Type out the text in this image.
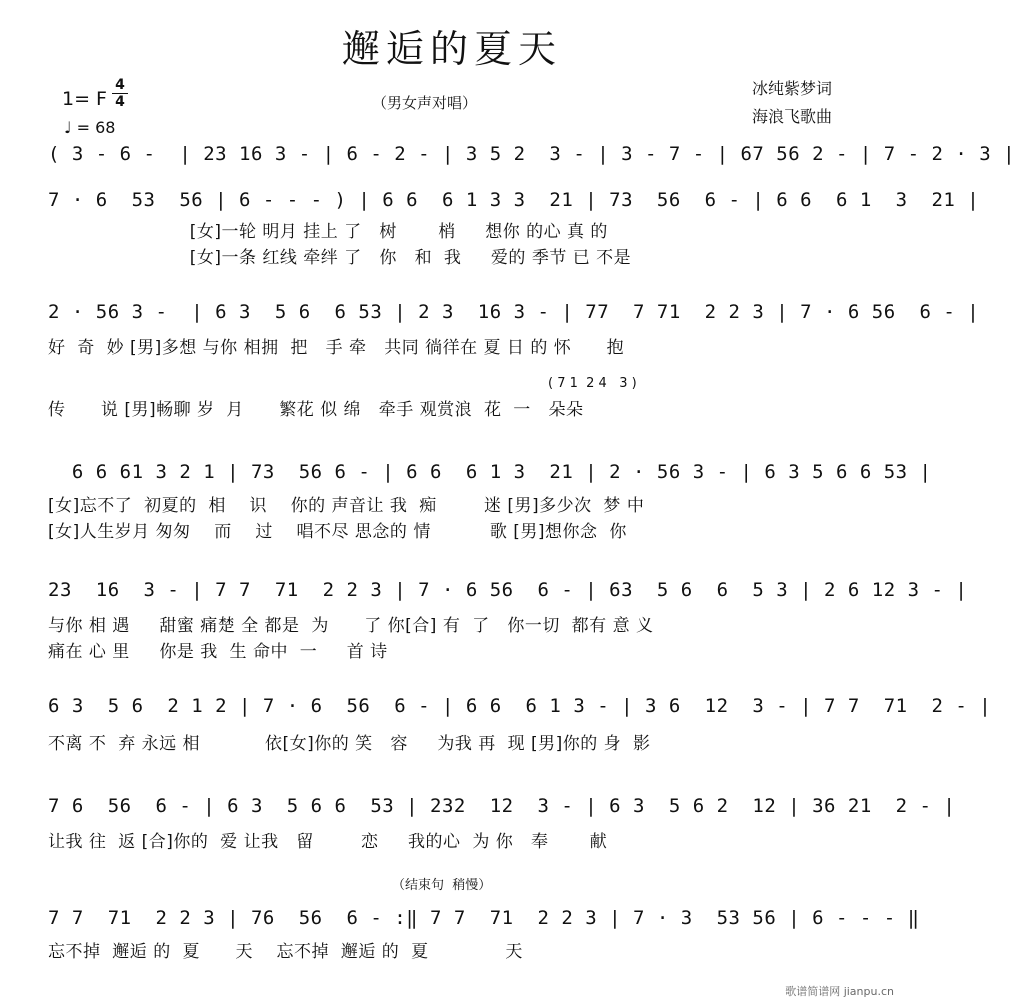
邂逅的夏天
1= F
4
4
♩ = 68
（男女声对唱）
冰纯紫梦词
海浪飞歌曲

( 3 - 6 -  | 23 16 3 - | 6 - 2 - | 3 5 2  3 - | 3 - 7 - | 67 56 2 - | 7 - 2 · 3 |

7 · 6  53  56 | 6 - - - ) | 6 6  6 1 3 3  21 | 73  56  6 - | 6 6  6 1  3  21 |

[女]一轮 明月 挂上 了   树       梢     想你 的心 真 的

[女]一条 红线 牵绊 了   你   和  我     爱的 季节 已 不是

2 · 56 3 -  | 6 3  5 6  6 53 | 2 3  16 3 - | 77  7 71  2 2 3 | 7 · 6 56  6 - |

好  奇  妙 [男]多想 与你 相拥  把   手 牵   共同 徜徉在 夏 日 的 怀      抱

( 7 1  2 4   3 )

传      说 [男]畅聊 岁  月      繁花 似 绵   牵手 观赏浪  花  一   朵朵

6 6 61 3 2 1 | 73  56 6 - | 6 6  6 1 3  21 | 2 · 56 3 - | 6 3 5 6 6 53 |

[女]忘不了  初夏的  相    识    你的 声音让 我  痴        迷 [男]多少次  梦 中

[女]人生岁月 匆匆    而    过    唱不尽 思念的 情          歌 [男]想你念  你

23  16  3 - | 7 7  71  2 2 3 | 7 · 6 56  6 - | 63  5 6  6  5 3 | 2 6 12 3 - |

与你 相 遇     甜蜜 痛楚 全 都是  为      了 你[合] 有  了   你一切  都有 意 义

痛在 心 里     你是 我  生 命中  一     首 诗

6 3  5 6  2 1 2 | 7 · 6  56  6 - | 6 6  6 1 3 - | 3 6  12  3 - | 7 7  71  2 - |

不离 不  弃 永远 相           依[女]你的 笑   容     为我 再  现 [男]你的 身  影

7 6  56  6 - | 6 3  5 6 6  53 | 232  12  3 - | 6 3  5 6 2  12 | 36 21  2 - |

让我 往  返 [合]你的  爱 让我   留        恋     我的心  为 你   奉       献

（结束句  稍慢）

7 7  71  2 2 3 | 76  56  6 - :‖ 7 7  71  2 2 3 | 7 · 3  53 56 | 6 - - - ‖

忘不掉  邂逅 的  夏      天    忘不掉  邂逅 的  夏             天

歌谱简谱网 jianpu.cn
